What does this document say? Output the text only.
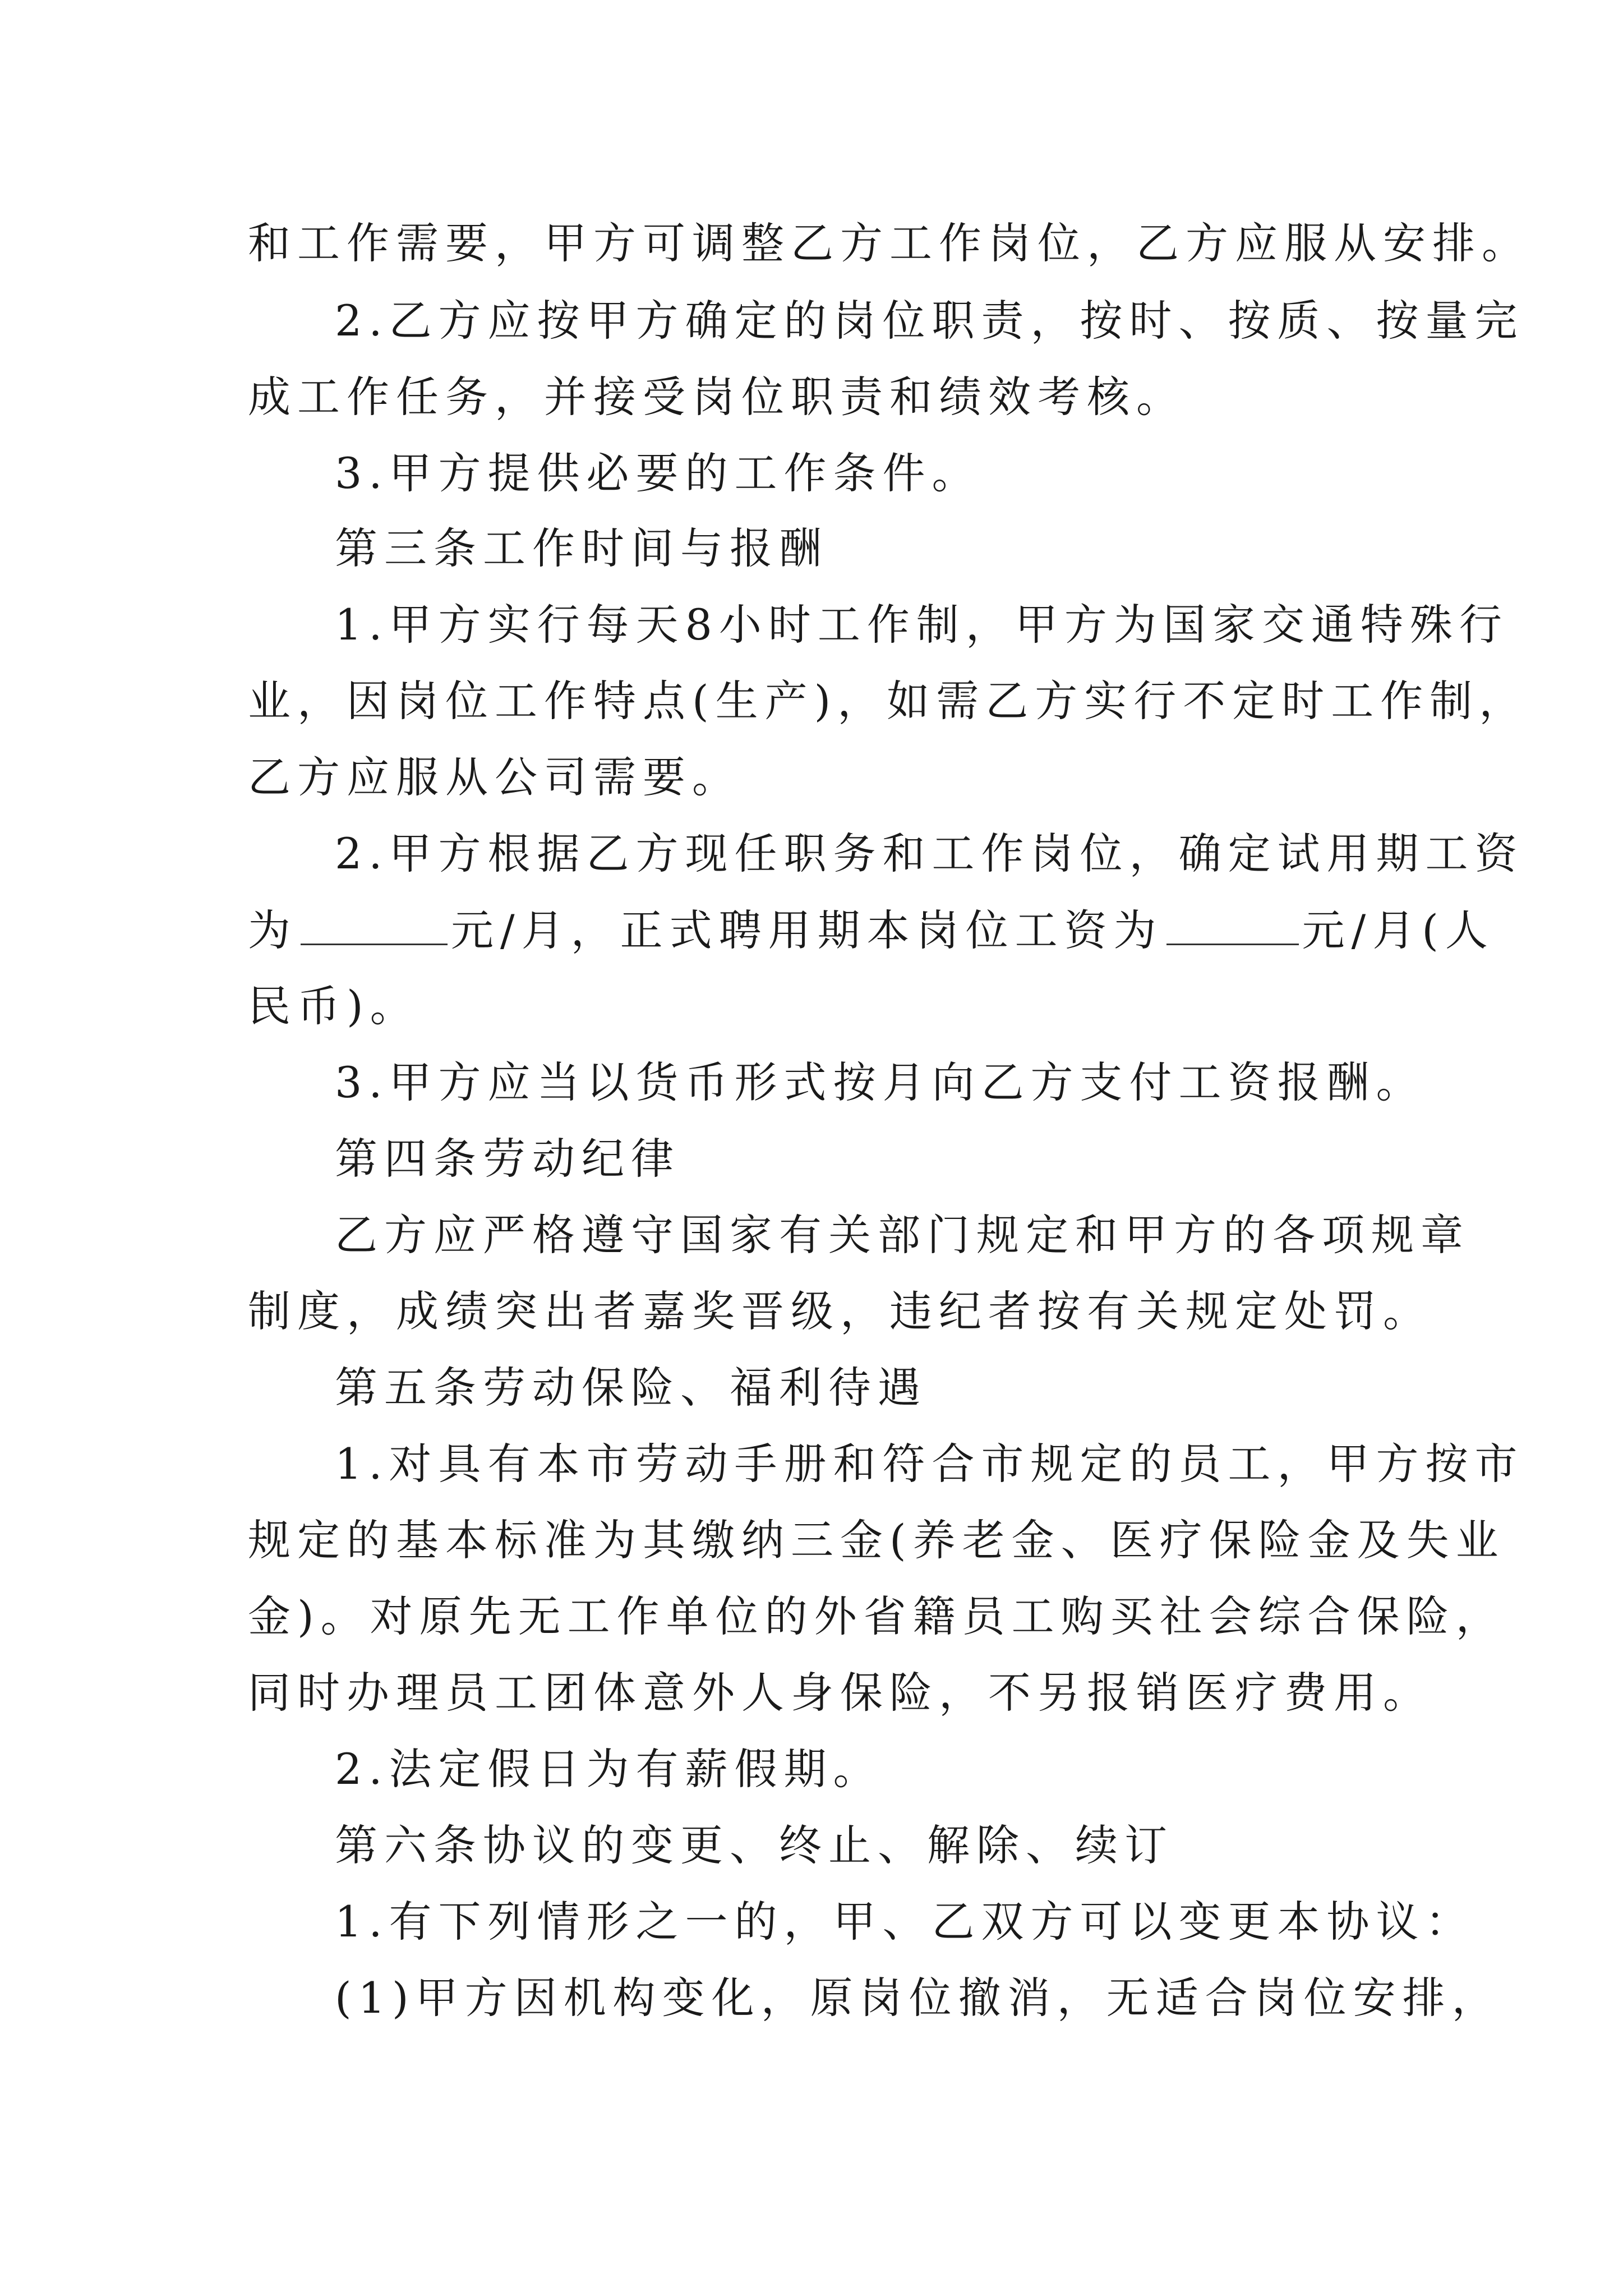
和工作需要，甲方可调整乙方工作岗位，乙方应服从安排。
2.乙方应按甲方确定的岗位职责，按时、按质、按量完
成工作任务，并接受岗位职责和绩效考核。
3.甲方提供必要的工作条件。
第三条工作时间与报酬
1.甲方实行每天8小时工作制，甲方为国家交通特殊行
业，因岗位工作特点(生产)，如需乙方实行不定时工作制，
乙方应服从公司需要。
2.甲方根据乙方现任职务和工作岗位，确定试用期工资
为	元/月，正式聘用期本岗位工资为	元/月(人
民币)。
3.甲方应当以货币形式按月向乙方支付工资报酬。
第四条劳动纪律
乙方应严格遵守国家有关部门规定和甲方的各项规章
制度，成绩突出者嘉奖晋级，违纪者按有关规定处罚。
第五条劳动保险、福利待遇
1.对具有本市劳动手册和符合市规定的员工，甲方按市
规定的基本标准为其缴纳三金(养老金、医疗保险金及失业
金)。对原先无工作单位的外省籍员工购买社会综合保险，
同时办理员工团体意外人身保险，不另报销医疗费用。
2.法定假日为有薪假期。
第六条协议的变更、终止、解除、续订
1.有下列情形之一的，甲、乙双方可以变更本协议：
(1)甲方因机构变化，原岗位撤消，无适合岗位安排，
